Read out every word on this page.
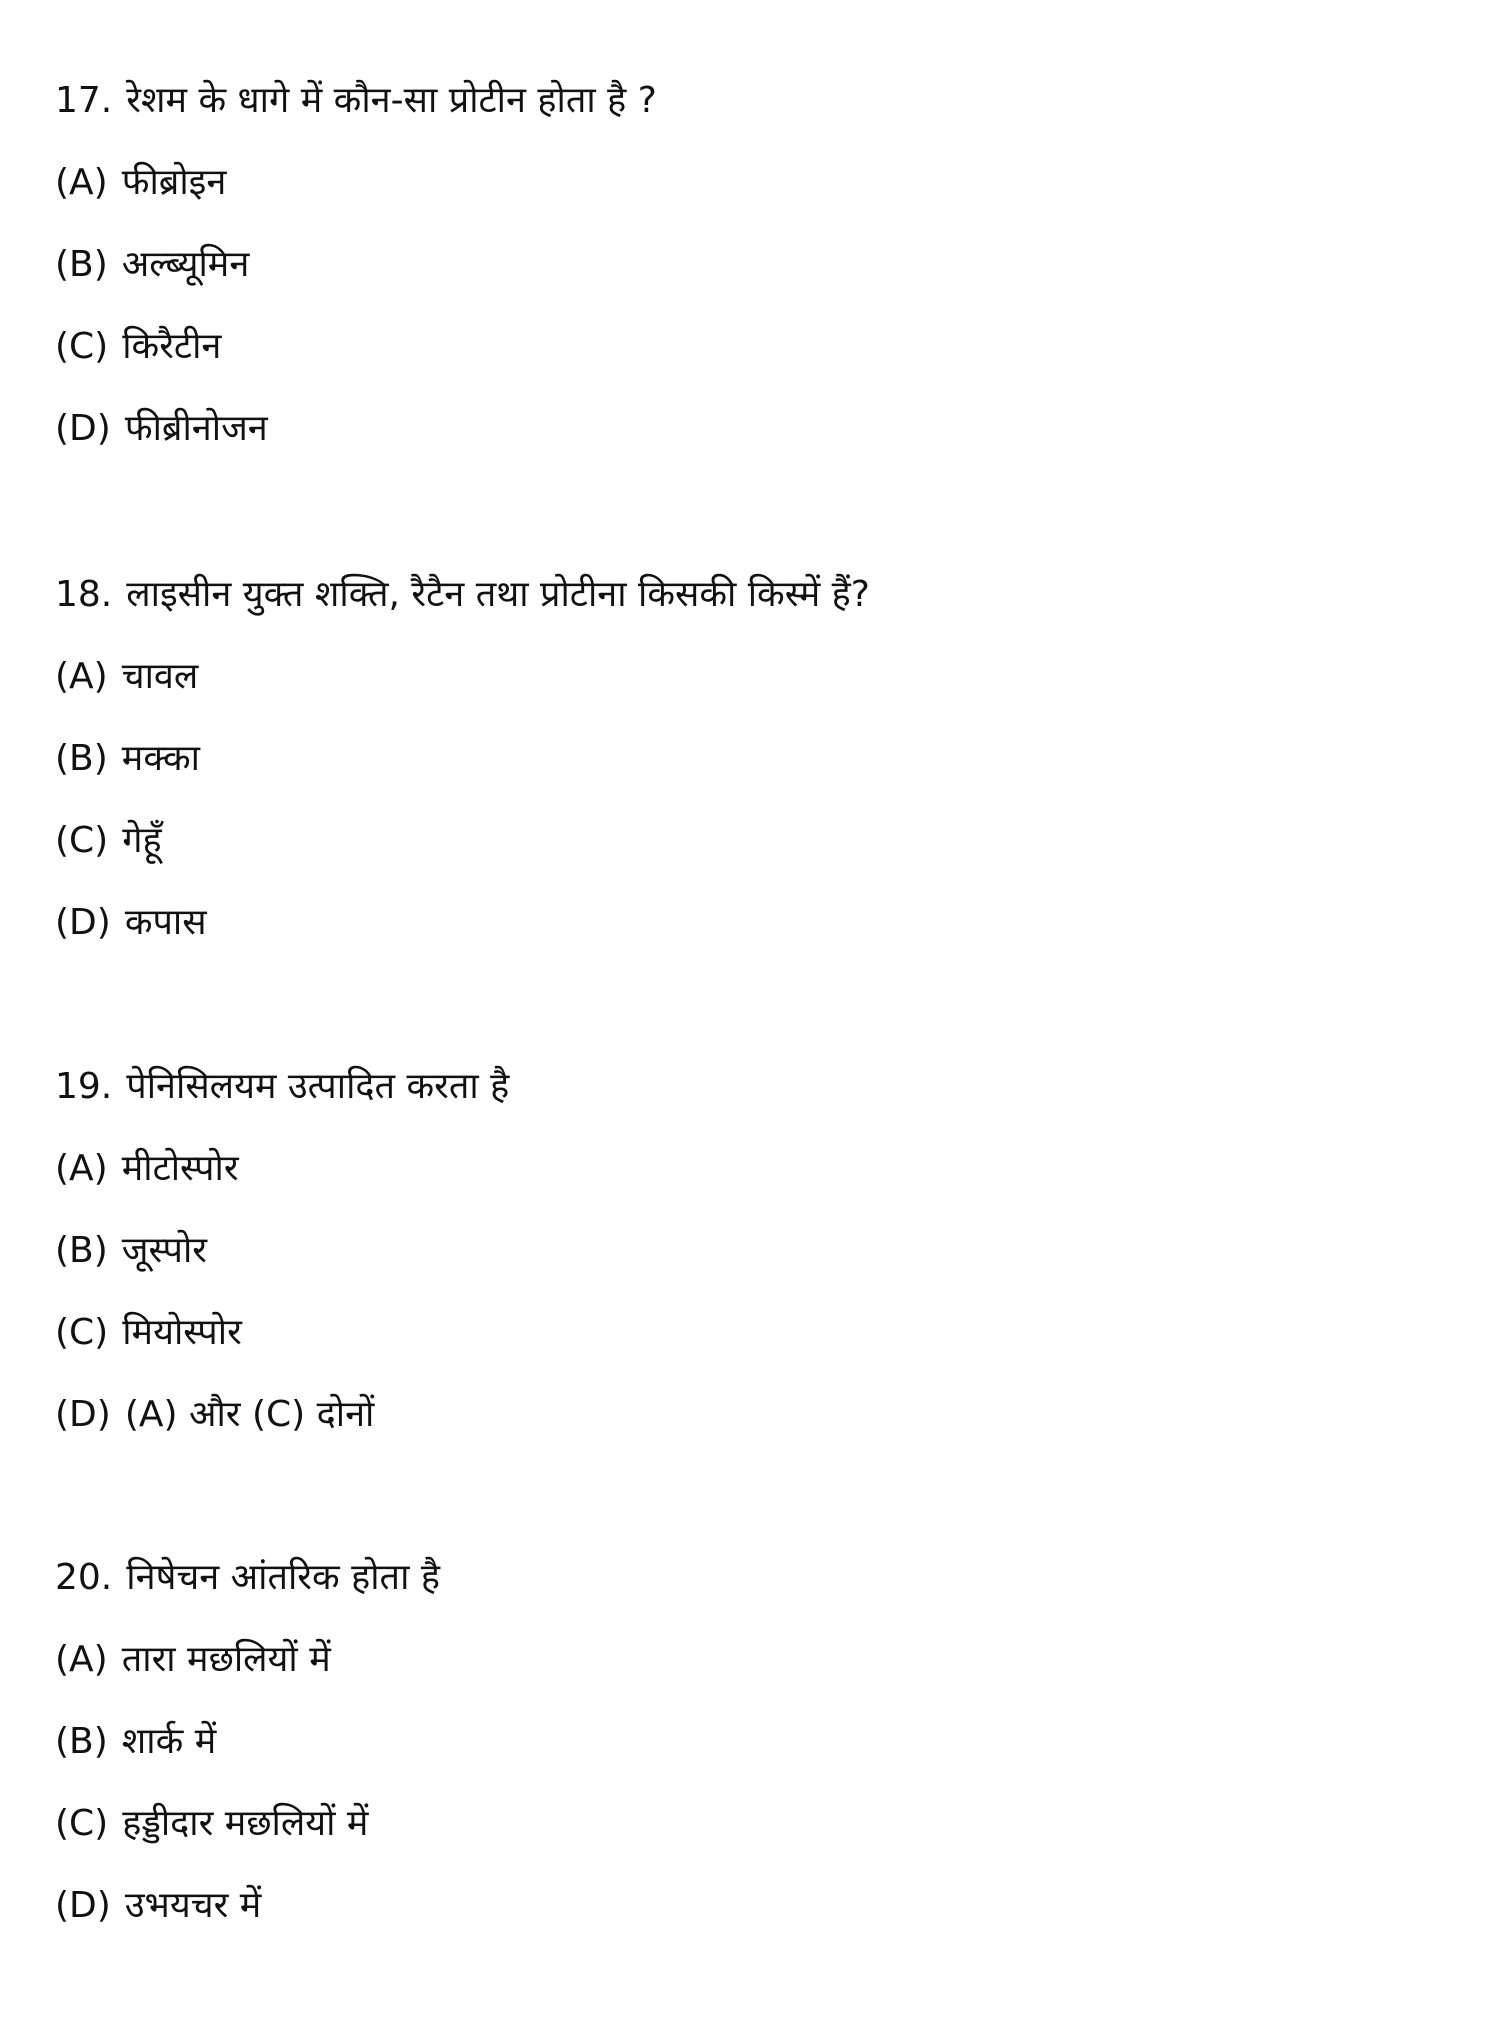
17. रेशम के धागे में कौन-सा प्रोटीन होता है ?
(A) फीब्रोइन
(B) अल्ब्यूमिन
(C) किरैटीन
(D) फीब्रीनोजन
18. लाइसीन युक्त शक्ति, रैटैन तथा प्रोटीना किसकी किस्में हैं?
(A) चावल
(B) मक्का
(C) गेहूँ
(D) कपास
19. पेनिसिलयम उत्पादित करता है
(A) मीटोस्पोर
(B) जूस्पोर
(C) मियोस्पोर
(D) (A) और (C) दोनों
20. निषेचन आंतरिक होता है
(A) तारा मछलियों में
(B) शार्क में
(C) हड्डीदार मछलियों में
(D) उभयचर में
